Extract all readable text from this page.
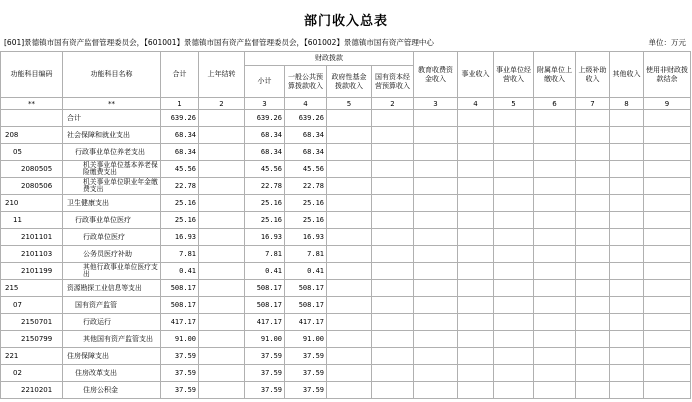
部门收入总表
[601]景德镇市国有资产监督管理委员会，【601001】景德镇市国有资产监督管理委员会，【601002】景德镇市国有资产管理中心	单位：万元
功能科目编码	功能科目名称	合计	上年结转	财政拨款				教育收费资金收入	事业收入	事业单位经营收入	附属单位上缴收入	上级补助收入	其他收入	使用非财政拨款结余
				小计	一般公共预算拨款收入	政府性基金拨款收入	国有资本经营预算收入							
**	**	1	2	3	4	5	2	3	4	5	6	7	8	9
	合计	639.26		639.26	639.26									
208	社会保障和就业支出	68.34		68.34	68.34									
05	行政事业单位养老支出	68.34		68.34	68.34									
2080505	机关事业单位基本养老保险缴费支出	45.56		45.56	45.56									
2080506	机关事业单位职业年金缴费支出	22.78		22.78	22.78									
210	卫生健康支出	25.16		25.16	25.16									
11	行政事业单位医疗	25.16		25.16	25.16									
2101101	行政单位医疗	16.93		16.93	16.93									
2101103	公务员医疗补助	7.81		7.81	7.81									
2101199	其他行政事业单位医疗支出	0.41		0.41	0.41									
215	资源勘探工业信息等支出	508.17		508.17	508.17									
07	国有资产监管	508.17		508.17	508.17									
2150701	行政运行	417.17		417.17	417.17									
2150799	其他国有资产监管支出	91.00		91.00	91.00									
221	住房保障支出	37.59		37.59	37.59									
02	住房改革支出	37.59		37.59	37.59									
2210201	住房公积金	37.59		37.59	37.59									
